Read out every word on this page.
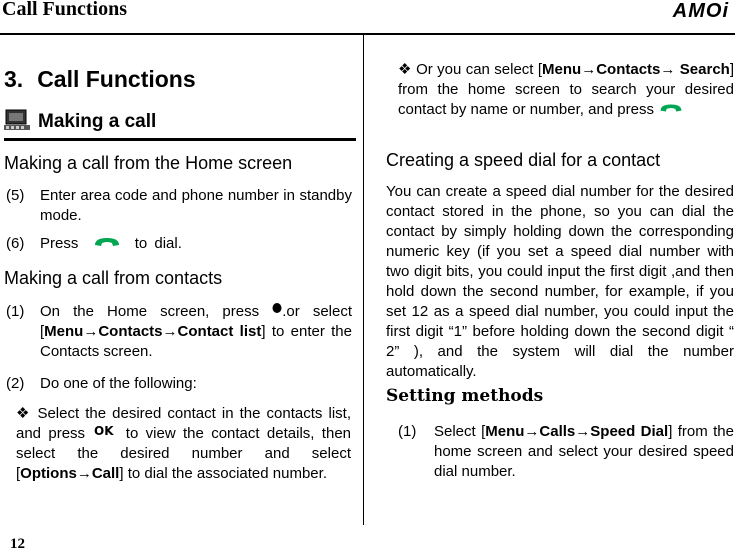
Call Functions	AMOi
12
3. Call Functions
Making a call
Making a call from the Home screen
(5) Enter area code and phone number in standby mode.
(6) Press	to dial.
Making a call from contacts
(1) On the Home screen, press .or select [Menu→Contacts→Contact list] to enter the Contacts screen.
(2) Do one of the following:
❖ Select the desired contact in the contacts list, and press OK to view the contact details, then select the desired number and select [Options→Call] to dial the associated number.
❖ Or you can select [Menu→Contacts→ Search] from the home screen to search your desired contact by name or number, and press
Creating a speed dial for a contact
You can create a speed dial number for the desired contact stored in the phone, so you can dial the contact by simply holding down the corresponding numeric key (if you set a speed dial number with two digit bits, you could input the first digit ,and then hold down the second number, for example, if you set 12 as a speed dial number, you could input the first digit “1” before holding down the second digit “ 2” ), and the system will dial the number automatically.
Setting methods
(1) Select [Menu→Calls→Speed Dial] from the home screen and select your desired speed dial number.
